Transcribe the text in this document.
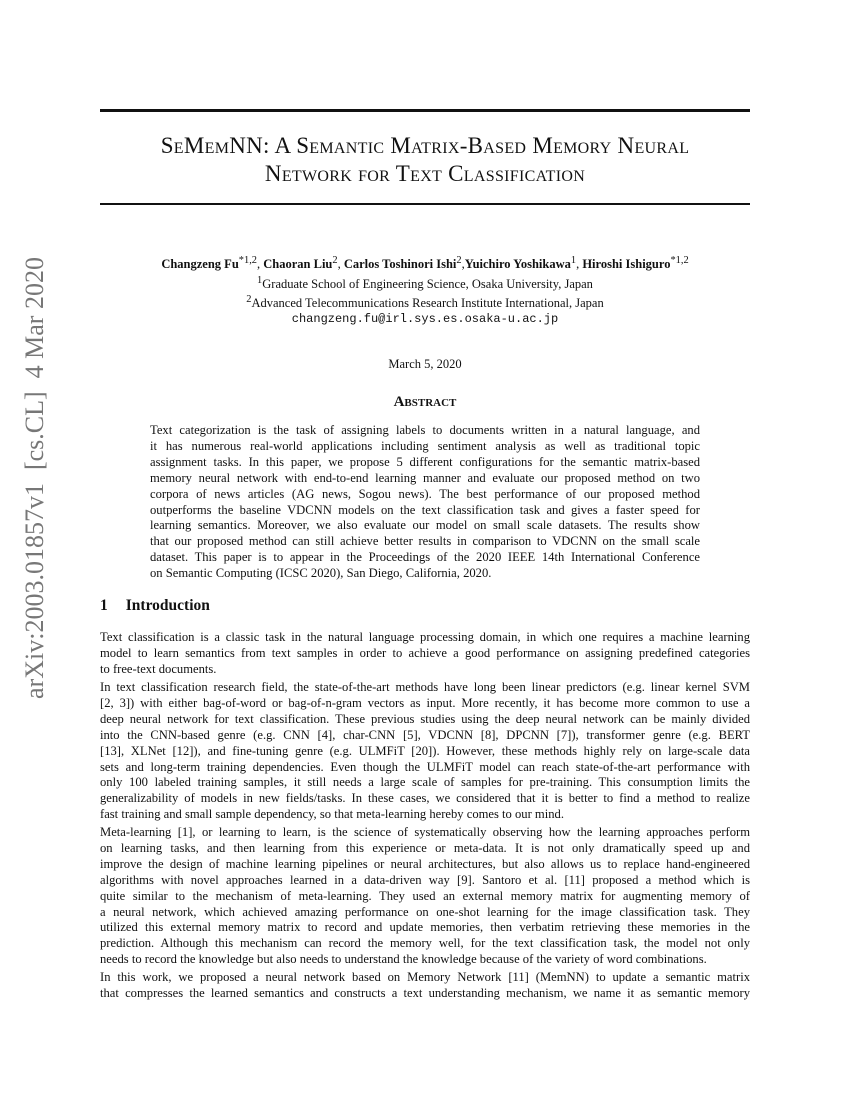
arXiv:2003.01857v1  [cs.CL]  4 Mar 2020
SeMemNN: A Semantic Matrix-Based Memory Neural
Network for Text Classification
Changzeng Fu$^{*1,2}$, Chaoran Liu$^2$, Carlos Toshinori Ishi$^2$,Yuichiro Yoshikawa$^1$, Hiroshi Ishiguro$^{*1,2}$
$^1$Graduate School of Engineering Science, Osaka University, Japan
$^2$Advanced Telecommunications Research Institute International, Japan
changzeng.fu@irl.sys.es.osaka-u.ac.jp
March 5, 2020
Abstract
Text categorization is the task of assigning labels to documents written in a natural language, and
it has numerous real-world applications including sentiment analysis as well as traditional topic
assignment tasks. In this paper, we propose 5 different configurations for the semantic matrix-based
memory neural network with end-to-end learning manner and evaluate our proposed method on two
corpora of news articles (AG news, Sogou news). The best performance of our proposed method
outperforms the baseline VDCNN models on the text classification task and gives a faster speed for
learning semantics. Moreover, we also evaluate our model on small scale datasets. The results show
that our proposed method can still achieve better results in comparison to VDCNN on the small scale
dataset. This paper is to appear in the Proceedings of the 2020 IEEE 14th International Conference
on Semantic Computing (ICSC 2020), San Diego, California, 2020.
1 Introduction
Text classification is a classic task in the natural language processing domain, in which one requires a machine learning
model to learn semantics from text samples in order to achieve a good performance on assigning predefined categories
to free-text documents.
In text classification research field, the state-of-the-art methods have long been linear predictors (e.g. linear kernel SVM
[2, 3]) with either bag-of-word or bag-of-n-gram vectors as input. More recently, it has become more common to use a
deep neural network for text classification. These previous studies using the deep neural network can be mainly divided
into the CNN-based genre (e.g. CNN [4], char-CNN [5], VDCNN [8], DPCNN [7]), transformer genre (e.g. BERT
[13], XLNet [12]), and fine-tuning genre (e.g. ULMFiT [20]). However, these methods highly rely on large-scale data
sets and long-term training dependencies. Even though the ULMFiT model can reach state-of-the-art performance with
only 100 labeled training samples, it still needs a large scale of samples for pre-training. This consumption limits the
generalizability of models in new fields/tasks. In these cases, we considered that it is better to find a method to realize
fast training and small sample dependency, so that meta-learning hereby comes to our mind.
Meta-learning [1], or learning to learn, is the science of systematically observing how the learning approaches perform
on learning tasks, and then learning from this experience or meta-data. It is not only dramatically speed up and
improve the design of machine learning pipelines or neural architectures, but also allows us to replace hand-engineered
algorithms with novel approaches learned in a data-driven way [9]. Santoro et al. [11] proposed a method which is
quite similar to the mechanism of meta-learning. They used an external memory matrix for augmenting memory of
a neural network, which achieved amazing performance on one-shot learning for the image classification task. They
utilized this external memory matrix to record and update memories, then verbatim retrieving these memories in the
prediction. Although this mechanism can record the memory well, for the text classification task, the model not only
needs to record the knowledge but also needs to understand the knowledge because of the variety of word combinations.
In this work, we proposed a neural network based on Memory Network [11] (MemNN) to update a semantic matrix
that compresses the learned semantics and constructs a text understanding mechanism, we name it as semantic memory
